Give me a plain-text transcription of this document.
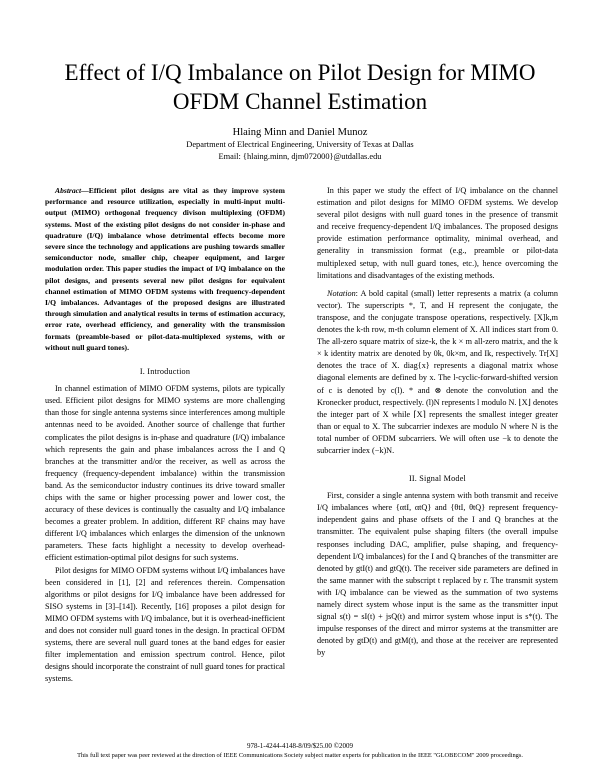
Effect of I/Q Imbalance on Pilot Design for MIMO OFDM Channel Estimation
Hlaing Minn and Daniel Munoz
Department of Electrical Engineering, University of Texas at Dallas
Email: {hlaing.minn, djm072000}@utdallas.edu

Abstract—Efficient pilot designs are vital as they improve system performance and resource utilization, especially in multi-input multi-output (MIMO) orthogonal frequency divison multiplexing (OFDM) systems. Most of the existing pilot designs do not consider in-phase and quadrature (I/Q) imbalance whose detrimental effects become more severe since the technology and applications are pushing towards smaller semiconductor node, smaller chip, cheaper equipment, and larger modulation order. This paper studies the impact of I/Q imbalance on the pilot designs, and presents several new pilot designs for equivalent channel estimation of MIMO OFDM systems with frequency-dependent I/Q imbalances. Advantages of the proposed designs are illustrated through simulation and analytical results in terms of estimation accuracy, error rate, overhead efficiency, and generality with the transmission formats (preamble-based or pilot-data-multiplexed systems, with or without null guard tones).

I. Introduction

In channel estimation of MIMO OFDM systems, pilots are typically used. Efficient pilot designs for MIMO systems are more challenging than those for single antenna systems since interferences among multiple antennas need to be avoided. Another source of challenge that further complicates the pilot designs is in-phase and quadrature (I/Q) imbalance which represents the gain and phase imbalances across the I and Q branches at the transmitter and/or the receiver, as well as across the frequency (frequency-dependent imbalance) within the transmission band. As the semiconductor industry continues its drive toward smaller chips with the same or higher processing power and lower cost, the accuracy of these devices is continually the casualty and I/Q imbalance becomes a greater problem. In addition, different RF chains may have different I/Q imbalances which enlarges the dimension of the unknown parameters. These facts highlight a necessity to develop overhead-efficient estimation-optimal pilot designs for such systems.

Pilot designs for MIMO OFDM systems without I/Q imbalances have been considered in [1], [2] and references therein. Compensation algorithms or pilot designs for I/Q imbalance have been addressed for SISO systems in [3]–[14]). Recently, [16] proposes a pilot design for MIMO OFDM systems with I/Q imbalance, but it is overhead-inefficient and does not consider null guard tones in the design. In practical OFDM systems, there are several null guard tones at the band edges for easier filter implementation and emission spectrum control. Hence, pilot designs should incorporate the constraint of null guard tones for practical systems.

In this paper we study the effect of I/Q imbalance on the channel estimation and pilot designs for MIMO OFDM systems. We develop several pilot designs with null guard tones in the presence of transmit and receive frequency-dependent I/Q imbalances. The proposed designs provide estimation performance optimality, minimal overhead, and generality in transmission format (e.g., preamble or pilot-data multiplexed setup, with null guard tones, etc.), hence overcoming the limitations and disadvantages of the existing methods.

Notation: A bold capital (small) letter represents a matrix (a column vector). The superscripts *, T, and H represent the conjugate, the transpose, and the conjugate transpose operations, respectively. [X]k,m denotes the k-th row, m-th column element of X. All indices start from 0. The all-zero square matrix of size-k, the k × m all-zero matrix, and the k × k identity matrix are denoted by 0k, 0k×m, and Ik, respectively. Tr[X] denotes the trace of X. diag{x} represents a diagonal matrix whose diagonal elements are defined by x. The l-cyclic-forward-shifted version of c is denoted by c(l). * and ⊗ denote the convolution and the Kronecker product, respectively. (l)N represents l modulo N. ⌊X⌋ denotes the integer part of X while ⌈X⌉ represents the smallest integer greater than or equal to X. The subcarrier indexes are modulo N where N is the total number of OFDM subcarriers. We will often use −k to denote the subcarrier index (−k)N.

II. Signal Model

First, consider a single antenna system with both transmit and receive I/Q imbalances where {αtI, αtQ} and {θtI, θtQ} represent frequency-independent gains and phase offsets of the I and Q branches at the transmitter. The equivalent pulse shaping filters (the overall impulse responses including DAC, amplifier, pulse shaping, and frequency-dependent I/Q imbalances) for the I and Q branches of the transmitter are denoted by gtI(t) and gtQ(t). The receiver side parameters are defined in the same manner with the subscript t replaced by r. The transmit system with I/Q imbalance can be viewed as the summation of two systems namely direct system whose input is the same as the transmitter input signal s(t) = sI(t) + jsQ(t) and mirror system whose input is s*(t). The impulse responses of the direct and mirror systems at the transmitter are denoted by gtD(t) and gtM(t), and those at the receiver are represented by

978-1-4244-4148-8/09/$25.00 ©2009
This full text paper was peer reviewed at the direction of IEEE Communications Society subject matter experts for publication in the IEEE "GLOBECOM" 2009 proceedings.
